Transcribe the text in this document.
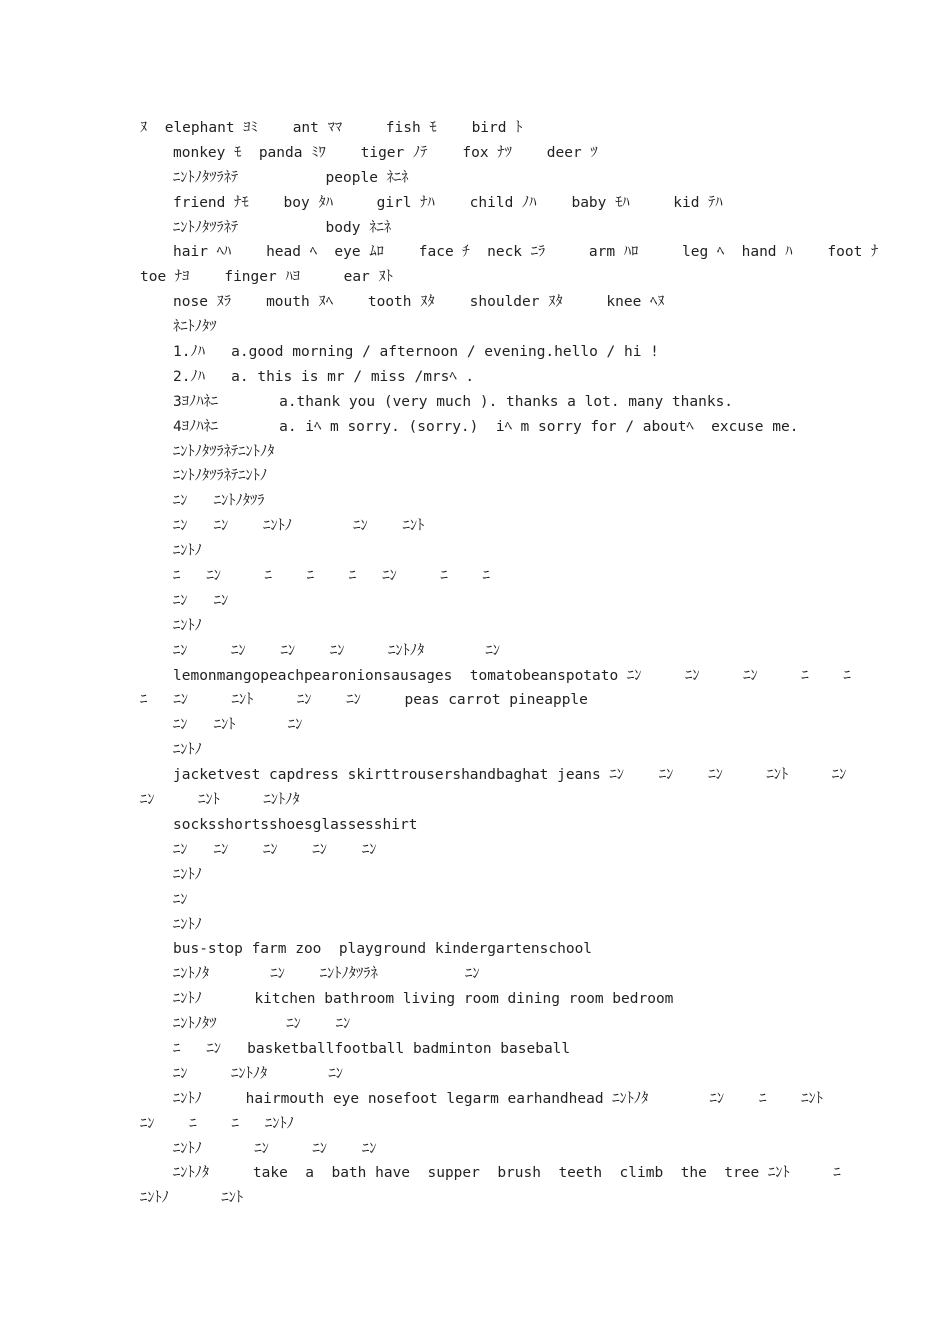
ﾇ  elephant ﾖﾐ    ant ﾏﾏ     fish ﾓ    bird ﾄ
monkey ﾓ  panda ﾐﾜ    tiger ﾉﾃ    fox ﾅﾂ    deer ﾂ
ﾆﾝﾄﾉﾀﾂﾗﾈﾃ          people ﾈﾆﾈ
friend ﾅﾓ    boy ﾀﾊ     girl ﾅﾊ    child ﾉﾊ    baby ﾓﾊ     kid ﾃﾊ
ﾆﾝﾄﾉﾀﾂﾗﾈﾃ          body ﾈﾆﾈ
hair ﾍﾊ    head ﾍ  eye ﾑﾛ    face ﾁ  neck ﾆﾗ     arm ﾊﾛ     leg ﾍ  hand ﾊ    foot ﾅ
toe ﾅﾖ    finger ﾊﾖ     ear ﾇﾄ
nose ﾇﾗ    mouth ﾇﾍ    tooth ﾇﾀ    shoulder ﾇﾀ     knee ﾍﾇ
ﾈﾆﾄﾉﾀﾂ
1.ﾉﾊ   a.good morning / afternoon / evening.hello / hi !
2.ﾉﾊ   a. this is mr / miss /mrsﾍ .
3ﾖﾉﾊﾈﾆ       a.thank you (very much ). thanks a lot. many thanks.
4ﾖﾉﾊﾈﾆ       a. iﾍ m sorry. (sorry.)  iﾍ m sorry for / aboutﾍ  excuse me.
ﾆﾝﾄﾉﾀﾂﾗﾈﾃﾆﾝﾄﾉﾀ
ﾆﾝﾄﾉﾀﾂﾗﾈﾃﾆﾝﾄﾉ
ﾆﾝ   ﾆﾝﾄﾉﾀﾂﾗ
ﾆﾝ   ﾆﾝ    ﾆﾝﾄﾉ       ﾆﾝ    ﾆﾝﾄ
ﾆﾝﾄﾉ
ﾆ   ﾆﾝ     ﾆ    ﾆ    ﾆ   ﾆﾝ     ﾆ    ﾆ
ﾆﾝ   ﾆﾝ
ﾆﾝﾄﾉ
ﾆﾝ     ﾆﾝ    ﾆﾝ    ﾆﾝ     ﾆﾝﾄﾉﾀ       ﾆﾝ
lemonmangopeachpearonionsausages  tomatobeanspotato ﾆﾝ     ﾆﾝ     ﾆﾝ     ﾆ    ﾆ
ﾆ   ﾆﾝ     ﾆﾝﾄ     ﾆﾝ    ﾆﾝ     peas carrot pineapple
ﾆﾝ   ﾆﾝﾄ      ﾆﾝ
ﾆﾝﾄﾉ
jacketvest capdress skirttrousershandbaghat jeans ﾆﾝ    ﾆﾝ    ﾆﾝ     ﾆﾝﾄ     ﾆﾝ
ﾆﾝ     ﾆﾝﾄ     ﾆﾝﾄﾉﾀ
socksshortsshoesglassesshirt
ﾆﾝ   ﾆﾝ    ﾆﾝ    ﾆﾝ    ﾆﾝ
ﾆﾝﾄﾉ
ﾆﾝ
ﾆﾝﾄﾉ
bus-stop farm zoo  playground kindergartenschool
ﾆﾝﾄﾉﾀ       ﾆﾝ    ﾆﾝﾄﾉﾀﾂﾗﾈ          ﾆﾝ
ﾆﾝﾄﾉ      kitchen bathroom living room dining room bedroom
ﾆﾝﾄﾉﾀﾂ        ﾆﾝ    ﾆﾝ
ﾆ   ﾆﾝ   basketballfootball badminton baseball
ﾆﾝ     ﾆﾝﾄﾉﾀ       ﾆﾝ
ﾆﾝﾄﾉ     hairmouth eye nosefoot legarm earhandhead ﾆﾝﾄﾉﾀ       ﾆﾝ    ﾆ    ﾆﾝﾄ
ﾆﾝ    ﾆ    ﾆ   ﾆﾝﾄﾉ
ﾆﾝﾄﾉ      ﾆﾝ     ﾆﾝ    ﾆﾝ
ﾆﾝﾄﾉﾀ     take  a  bath have  supper  brush  teeth  climb  the  tree ﾆﾝﾄ     ﾆ
ﾆﾝﾄﾉ      ﾆﾝﾄ
